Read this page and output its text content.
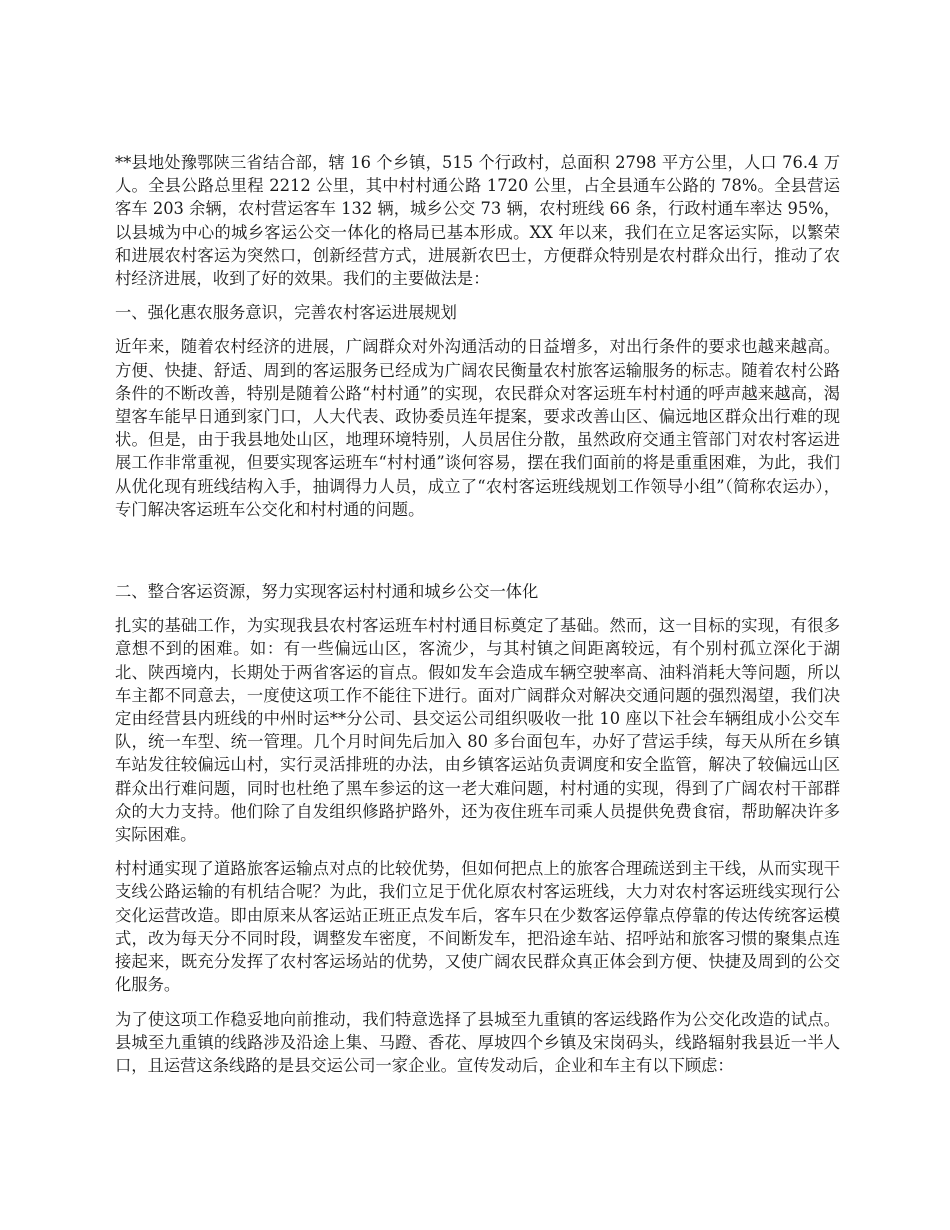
**县地处豫鄂陕三省结合部，辖 16 个乡镇，515 个行政村，总面积 2798 平方公里，人口 76.4 万人。全县公路总里程 2212 公里，其中村村通公路 1720 公里，占全县通车公路的 78%。全县营运客车 203 余辆，农村营运客车 132 辆，城乡公交 73 辆，农村班线 66 条，行政村通车率达 95%，以县城为中心的城乡客运公交一体化的格局已基本形成。XX 年以来，我们在立足客运实际，以繁荣和进展农村客运为突然口，创新经营方式，进展新农巴士，方便群众特别是农村群众出行，推动了农村经济进展，收到了好的效果。我们的主要做法是：

一、强化惠农服务意识，完善农村客运进展规划

近年来，随着农村经济的进展，广阔群众对外沟通活动的日益增多，对出行条件的要求也越来越高。方便、快捷、舒适、周到的客运服务已经成为广阔农民衡量农村旅客运输服务的标志。随着农村公路条件的不断改善，特别是随着公路“村村通”的实现，农民群众对客运班车村村通的呼声越来越高，渴望客车能早日通到家门口，人大代表、政协委员连年提案，要求改善山区、偏远地区群众出行难的现状。但是，由于我县地处山区，地理环境特别，人员居住分散，虽然政府交通主管部门对农村客运进展工作非常重视，但要实现客运班车“村村通”谈何容易，摆在我们面前的将是重重困难，为此，我们从优化现有班线结构入手，抽调得力人员，成立了“农村客运班线规划工作领导小组”（简称农运办），专门解决客运班车公交化和村村通的问题。

二、整合客运资源，努力实现客运村村通和城乡公交一体化

扎实的基础工作，为实现我县农村客运班车村村通目标奠定了基础。然而，这一目标的实现，有很多意想不到的困难。如：有一些偏远山区，客流少，与其村镇之间距离较远，有个别村孤立深化于湖北、陕西境内，长期处于两省客运的盲点。假如发车会造成车辆空驶率高、油料消耗大等问题，所以车主都不同意去，一度使这项工作不能往下进行。面对广阔群众对解决交通问题的强烈渴望，我们决定由经营县内班线的中州时运**分公司、县交运公司组织吸收一批 10 座以下社会车辆组成小公交车队，统一车型、统一管理。几个月时间先后加入 80 多台面包车，办好了营运手续，每天从所在乡镇车站发往较偏远山村，实行灵活排班的办法，由乡镇客运站负责调度和安全监管，解决了较偏远山区群众出行难问题，同时也杜绝了黑车参运的这一老大难问题，村村通的实现，得到了广阔农村干部群众的大力支持。他们除了自发组织修路护路外，还为夜住班车司乘人员提供免费食宿，帮助解决许多实际困难。

村村通实现了道路旅客运输点对点的比较优势，但如何把点上的旅客合理疏送到主干线，从而实现干支线公路运输的有机结合呢？为此，我们立足于优化原农村客运班线，大力对农村客运班线实现行公交化运营改造。即由原来从客运站正班正点发车后，客车只在少数客运停靠点停靠的传达传统客运模式，改为每天分不同时段，调整发车密度，不间断发车，把沿途车站、招呼站和旅客习惯的聚集点连接起来，既充分发挥了农村客运场站的优势，又使广阔农民群众真正体会到方便、快捷及周到的公交化服务。

为了使这项工作稳妥地向前推动，我们特意选择了县城至九重镇的客运线路作为公交化改造的试点。县城至九重镇的线路涉及沿途上集、马蹬、香花、厚坡四个乡镇及宋岗码头，线路辐射我县近一半人口，且运营这条线路的是县交运公司一家企业。宣传发动后，企业和车主有以下顾虑：
